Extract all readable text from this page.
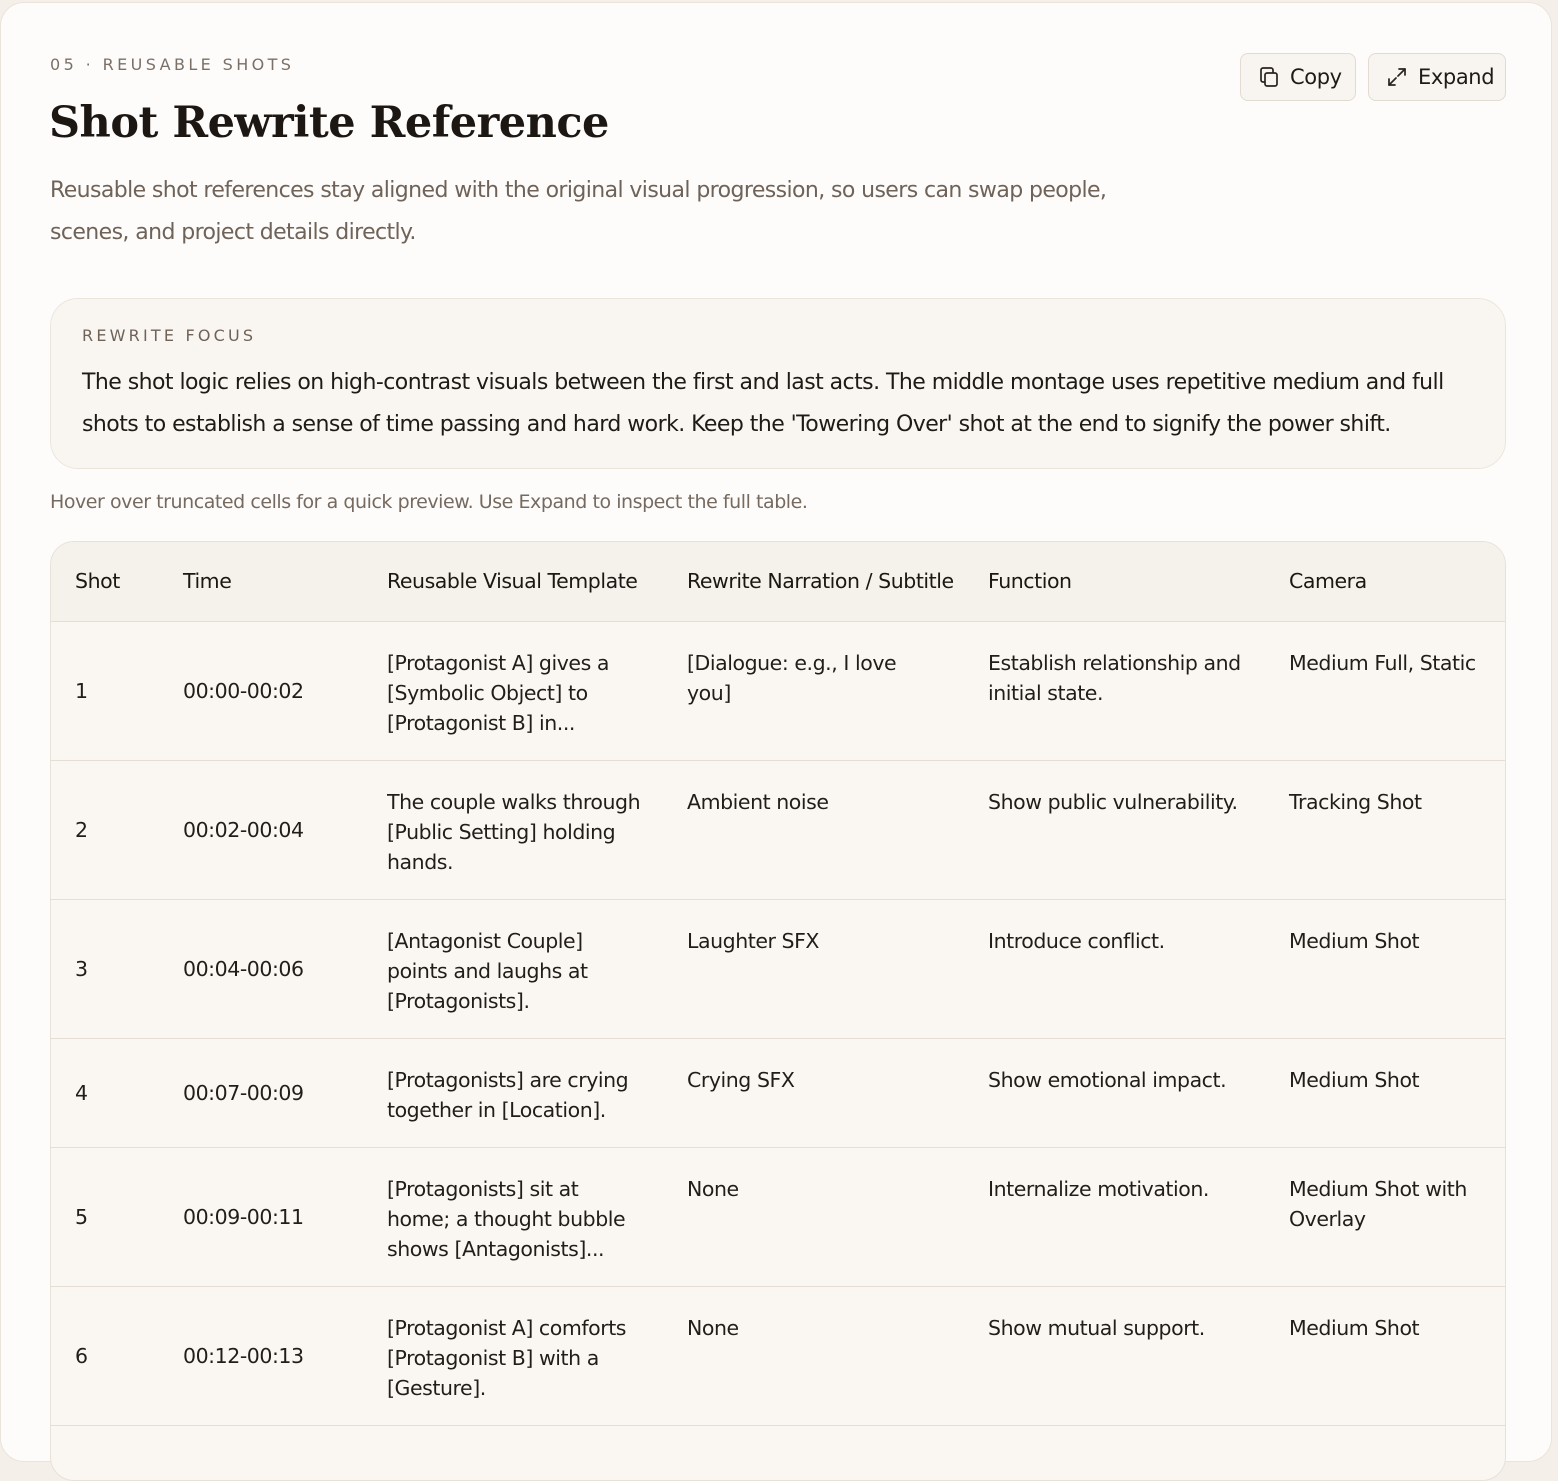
05 · REUSABLE SHOTS
Shot Rewrite Reference
Reusable shot references stay aligned with the original visual progression, so users can swap people, scenes, and project details directly.
Copy	Expand
REWRITE FOCUS
The shot logic relies on high-contrast visuals between the first and last acts. The middle montage uses repetitive medium and full shots to establish a sense of time passing and hard work. Keep the 'Towering Over' shot at the end to signify the power shift.
Hover over truncated cells for a quick preview. Use Expand to inspect the full table.
Shot	Time	Reusable Visual Template	Rewrite Narration / Subtitle	Function	Camera
1	00:00-00:02	[Protagonist A] gives a [Symbolic Object] to [Protagonist B] in...	[Dialogue: e.g., I love you]	Establish relationship and initial state.	Medium Full, Static
2	00:02-00:04	The couple walks through [Public Setting] holding hands.	Ambient noise	Show public vulnerability.	Tracking Shot
3	00:04-00:06	[Antagonist Couple] points and laughs at [Protagonists].	Laughter SFX	Introduce conflict.	Medium Shot
4	00:07-00:09	[Protagonists] are crying together in [Location].	Crying SFX	Show emotional impact.	Medium Shot
5	00:09-00:11	[Protagonists] sit at home; a thought bubble shows [Antagonists]...	None	Internalize motivation.	Medium Shot with Overlay
6	00:12-00:13	[Protagonist A] comforts [Protagonist B] with a [Gesture].	None	Show mutual support.	Medium Shot
